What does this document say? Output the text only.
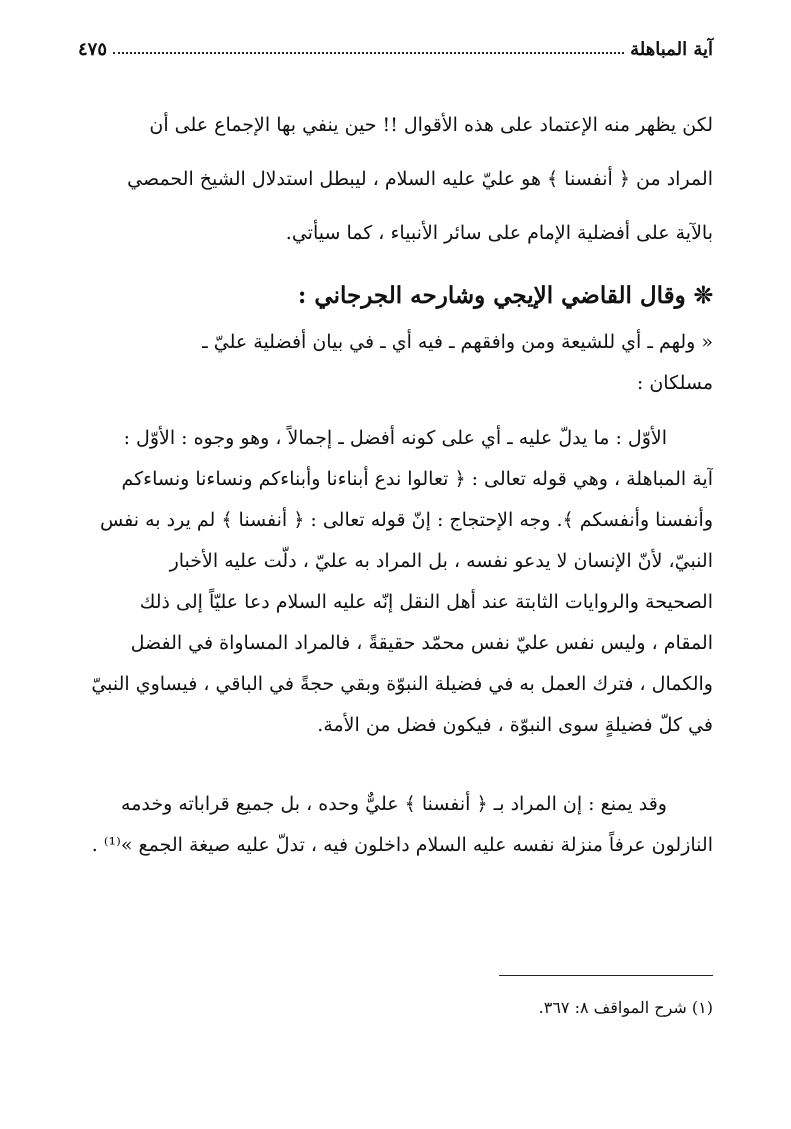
آية المباهلة
٤٧٥
لكن يظهر منه الإعتماد على هذه الأقوال !! حين ينفي بها الإجماع على أن
المراد من ﴿ أنفسنا ﴾ هو عليّ عليه السلام ، ليبطل استدلال الشيخ الحمصي
بالآية على أفضلية الإمام على سائر الأنبياء ، كما سيأتي.
❊ وقال القاضي الإيجي وشارحه الجرجاني :
« ولهم ـ أي للشيعة ومن وافقهم ـ فيه أي ـ في بيان أفضلية عليّ ـ
مسلكان :
الأوّل : ما يدلّ عليه ـ أي على كونه أفضل ـ إجمالاً ، وهو وجوه : الأوّل :
آية المباهلة ، وهي قوله تعالى : ﴿ تعالوا ندع أبناءنا وأبناءكم ونساءنا ونساءكم
وأنفسنا وأنفسكم ﴾. وجه الإحتجاج : إنّ قوله تعالى : ﴿ أنفسنا ﴾ لم يرد به نفس
النبيّ، لأنّ الإنسان لا يدعو نفسه ، بل المراد به عليّ ، دلّت عليه الأخبار
الصحيحة والروايات الثابتة عند أهل النقل إنّه عليه السلام دعا عليّاً إلى ذلك
المقام ، وليس نفس عليّ نفس محمّد حقيقةً ، فالمراد المساواة في الفضل
والكمال ، فترك العمل به في فضيلة النبوّة وبقي حجةً في الباقي ، فيساوي النبيّ
في كلّ فضيلةٍ سوى النبوّة ، فيكون فضل من الأمة.
وقد يمنع : إن المراد بـ ﴿ أنفسنا ﴾ عليٌّ وحده ، بل جميع قراباته وخدمه
النازلون عرفاً منزلة نفسه عليه السلام داخلون فيه ، تدلّ عليه صيغة الجمع »⁽¹⁾ .
(١) شرح المواقف ٨: ٣٦٧.
